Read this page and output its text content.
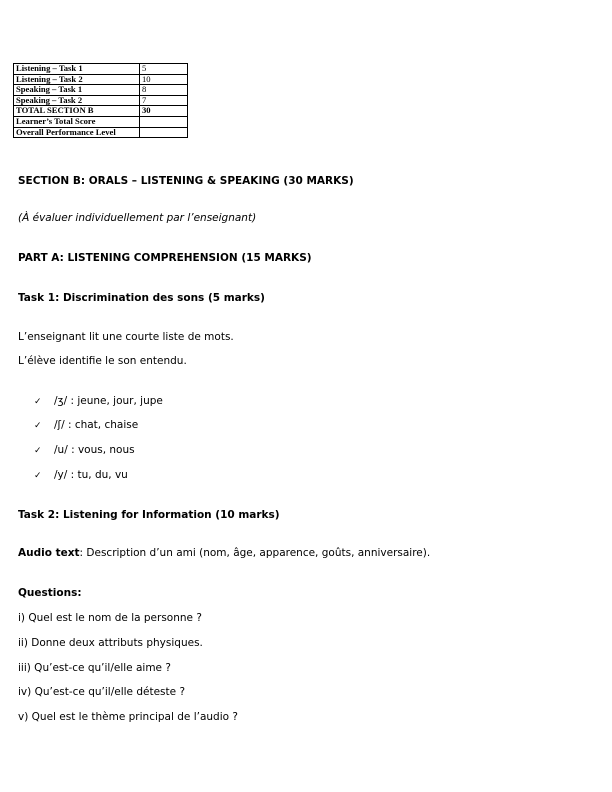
Listening – Task 1	5
Listening – Task 2	10
Speaking – Task 1	8
Speaking – Task 2	7
TOTAL SECTION B	30
Learner’s Total Score	
Overall Performance Level	
SECTION B: ORALS – LISTENING & SPEAKING (30 MARKS)
(À évaluer individuellement par l’enseignant)
PART A: LISTENING COMPREHENSION (15 MARKS)
Task 1: Discrimination des sons (5 marks)
L’enseignant lit une courte liste de mots.
L’élève identifie le son entendu.
✓ /ʒ/ : jeune, jour, jupe
✓ /ʃ/ : chat, chaise
✓ /u/ : vous, nous
✓ /y/ : tu, du, vu
Task 2: Listening for Information (10 marks)
Audio text: Description d’un ami (nom, âge, apparence, goûts, anniversaire).
Questions:
i) Quel est le nom de la personne ?
ii) Donne deux attributs physiques.
iii) Qu’est-ce qu’il/elle aime ?
iv) Qu’est-ce qu’il/elle déteste ?
v) Quel est le thème principal de l’audio ?
